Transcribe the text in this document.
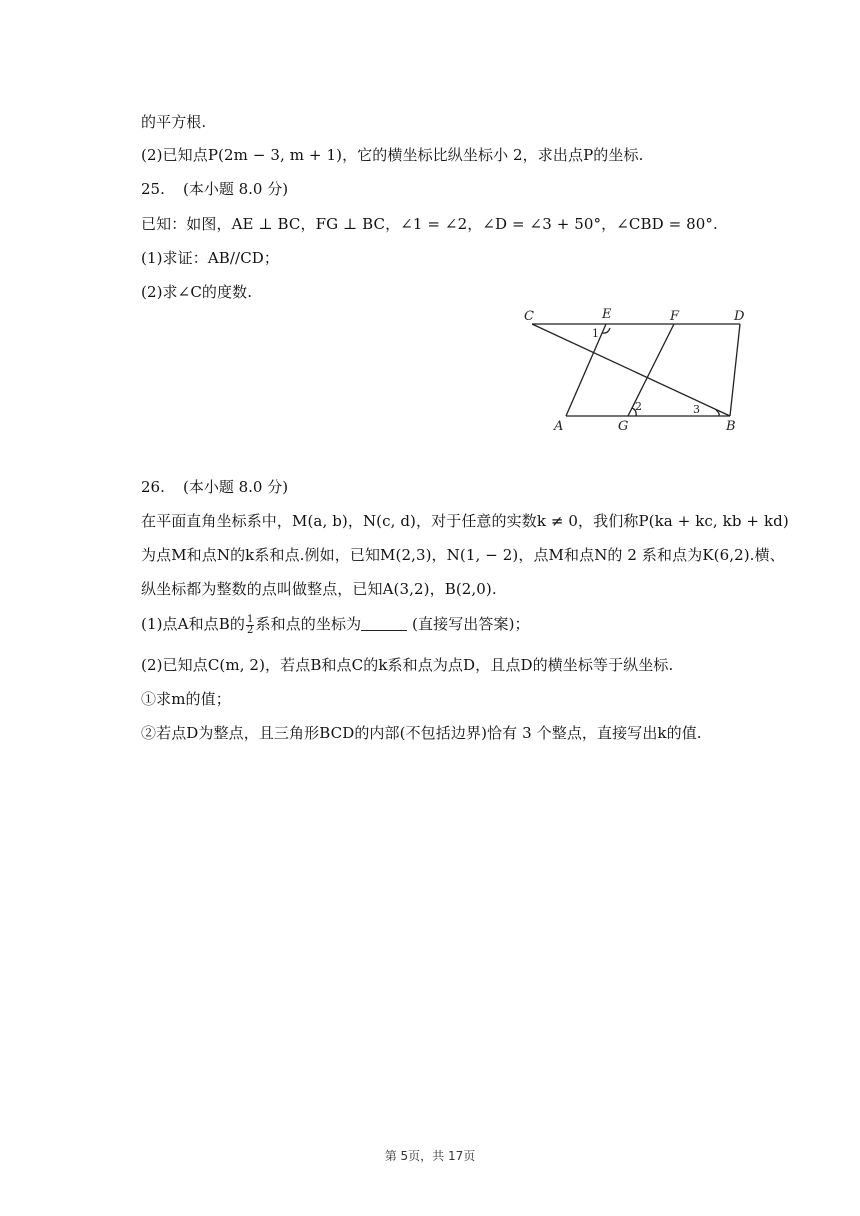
的平方根.
(2)已知点P(2m − 3, m + 1)，它的横坐标比纵坐标小 2，求出点P的坐标.
25. (本小题 8.0 分)
已知：如图，AE ⊥ BC，FG ⊥ BC，∠1 = ∠2，∠D = ∠3 + 50°，∠CBD = 80°.
(1)求证：AB//CD；
(2)求∠C的度数.
C	E	F	D
A	G	B
1
2	3
26. (本小题 8.0 分)
在平面直角坐标系中，M(a, b)，N(c, d)，对于任意的实数k ≠ 0，我们称P(ka + kc, kb + kd)
为点M和点N的k系和点.例如，已知M(2,3)，N(1, − 2)，点M和点N的 2 系和点为K(6,2).横、
纵坐标都为整数的点叫做整点，已知A(3,2)，B(2,0).
(1)点A和点B的 $\frac{1}{2}$ 系和点的坐标为	(直接写出答案)；
(2)已知点C(m, 2)，若点B和点C的k系和点为点D，且点D的横坐标等于纵坐标.
①求m的值；
②若点D为整点，且三角形BCD的内部(不包括边界)恰有 3 个整点，直接写出k的值.
第 5页，共 17页
